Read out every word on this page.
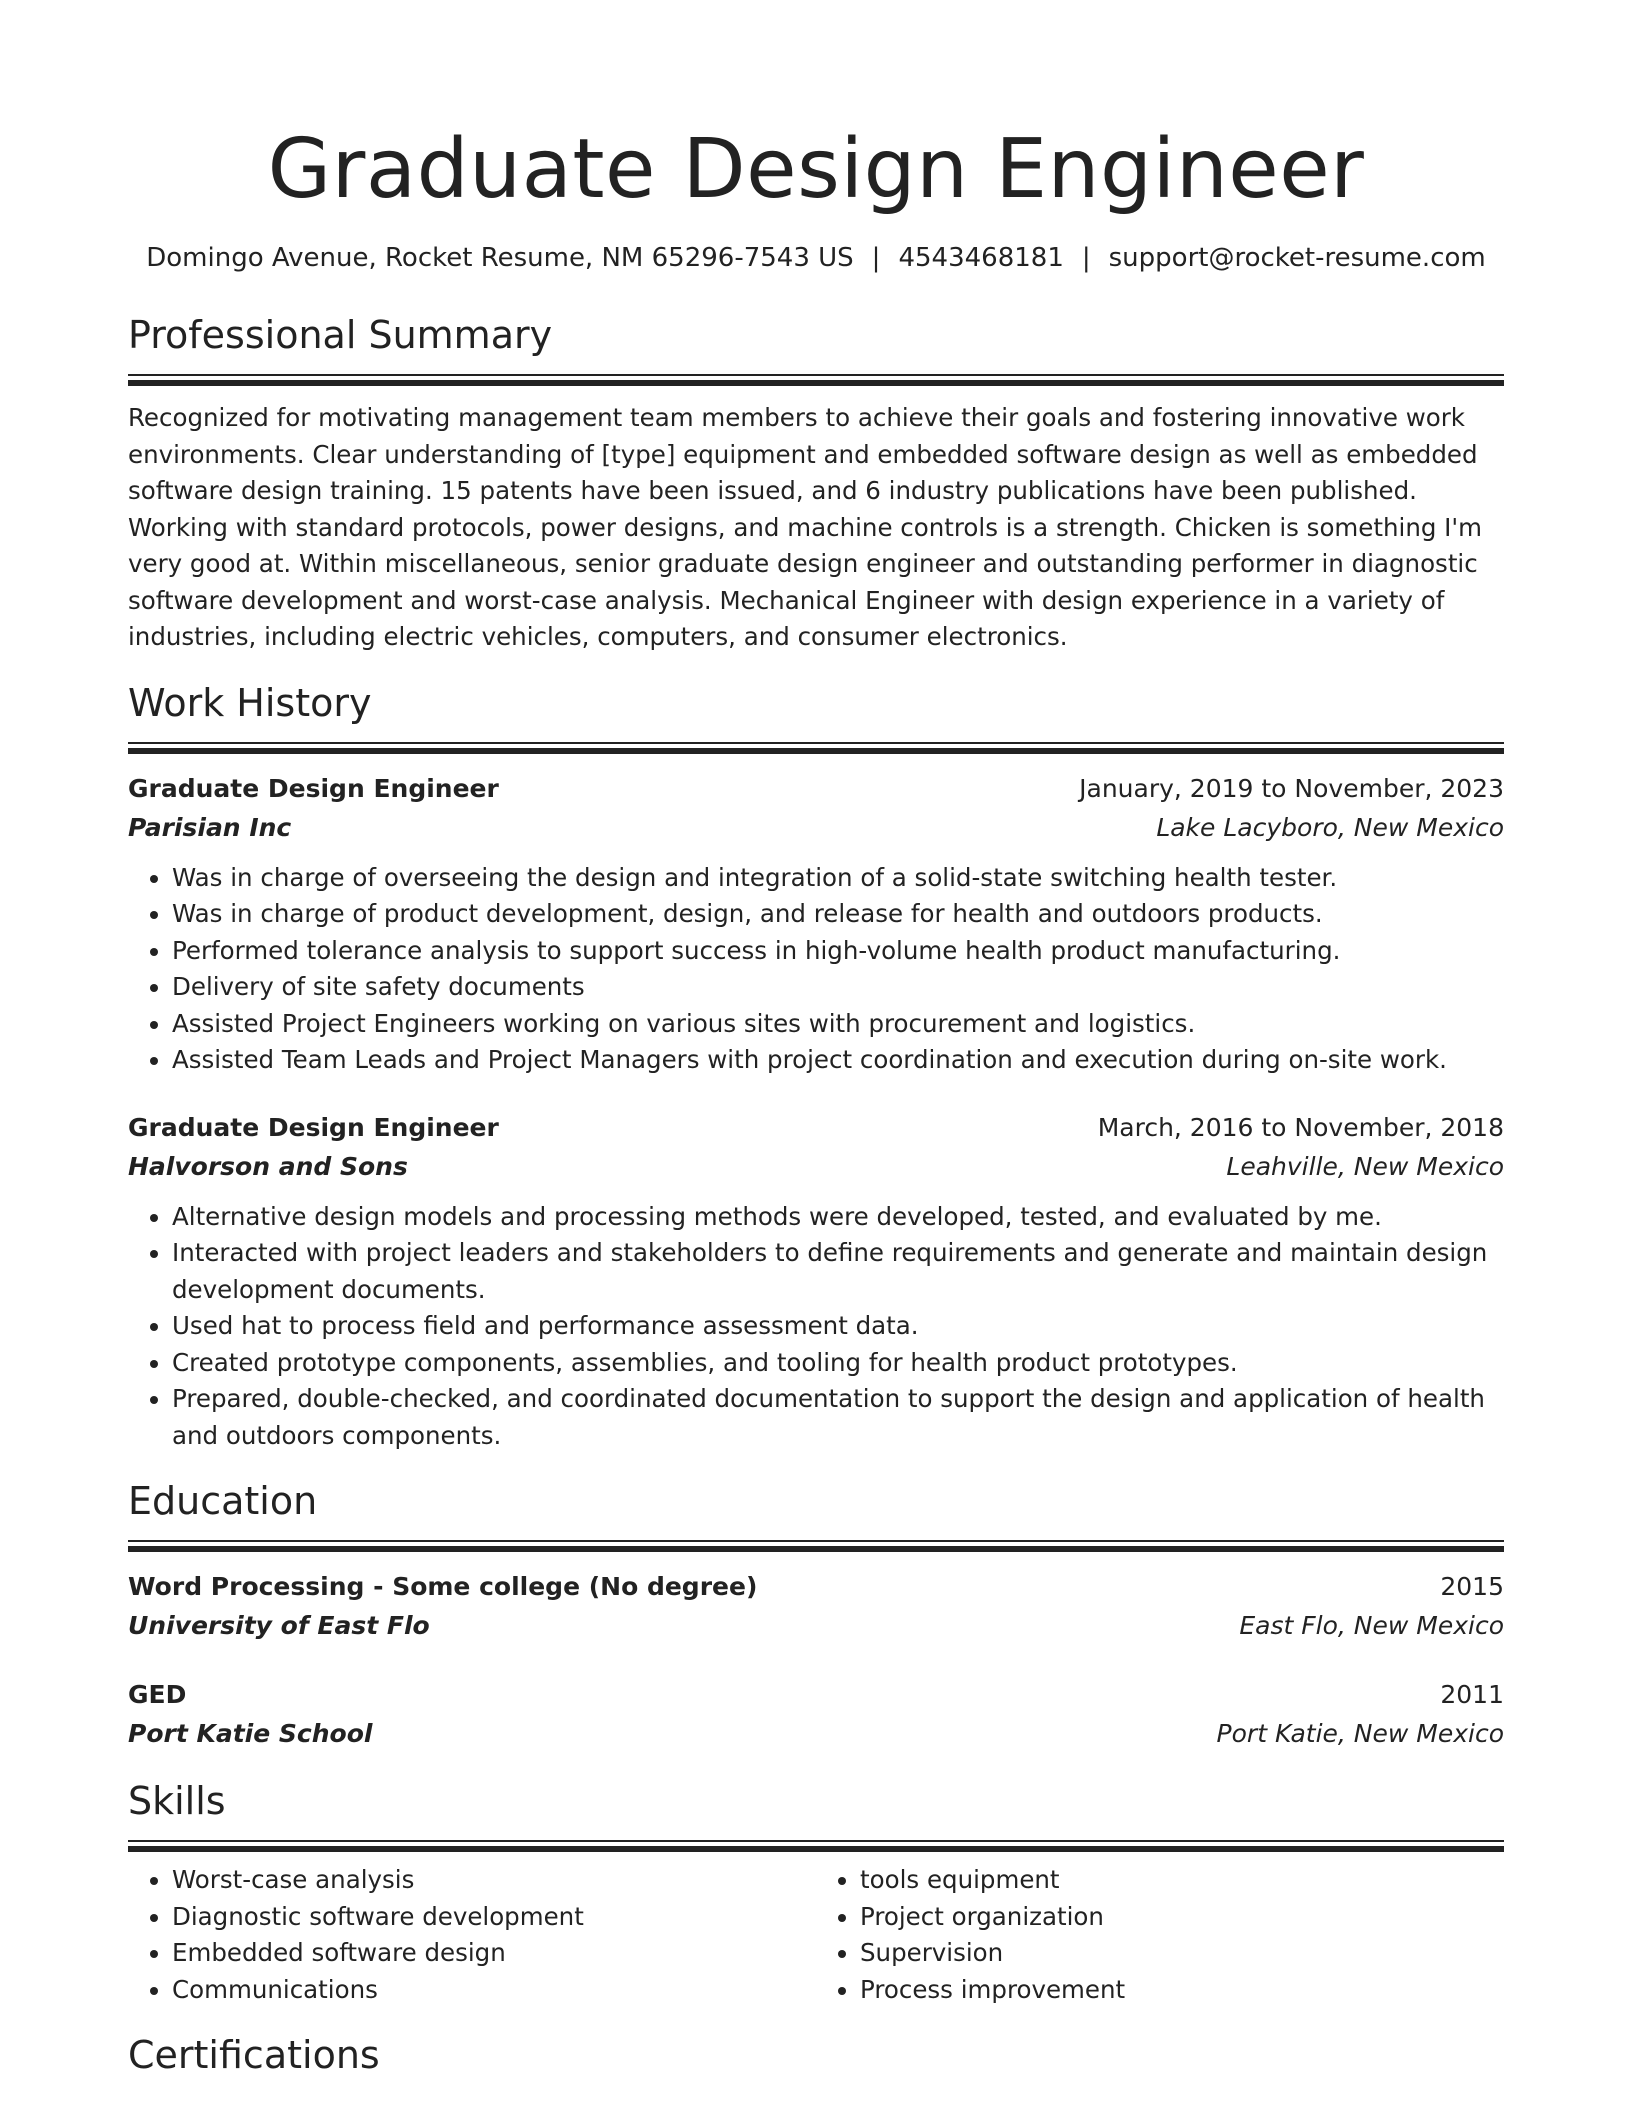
Graduate Design Engineer
Domingo Avenue, Rocket Resume, NM 65296-7543 US | 4543468181 | support@rocket-resume.com
Professional Summary

Recognized for motivating management team members to achieve their goals and fostering innovative work environments. Clear understanding of [type] equipment and embedded software design as well as embedded software design training. 15 patents have been issued, and 6 industry publications have been published. Working with standard protocols, power designs, and machine controls is a strength. Chicken is something I'm very good at. Within miscellaneous, senior graduate design engineer and outstanding performer in diagnostic software development and worst-case analysis. Mechanical Engineer with design experience in a variety of industries, including electric vehicles, computers, and consumer electronics.

Work History
Graduate Design Engineer	January, 2019 to November, 2023
Parisian Inc	Lake Lacyboro, New Mexico
• Was in charge of overseeing the design and integration of a solid-state switching health tester.
• Was in charge of product development, design, and release for health and outdoors products.
• Performed tolerance analysis to support success in high-volume health product manufacturing.
• Delivery of site safety documents
• Assisted Project Engineers working on various sites with procurement and logistics.
• Assisted Team Leads and Project Managers with project coordination and execution during on-site work.
Graduate Design Engineer	March, 2016 to November, 2018
Halvorson and Sons	Leahville, New Mexico
• Alternative design models and processing methods were developed, tested, and evaluated by me.
• Interacted with project leaders and stakeholders to define requirements and generate and maintain design development documents.
• Used hat to process field and performance assessment data.
• Created prototype components, assemblies, and tooling for health product prototypes.
• Prepared, double-checked, and coordinated documentation to support the design and application of health and outdoors components.
Education
Word Processing - Some college (No degree)	2015
University of East Flo	East Flo, New Mexico
GED	2011
Port Katie School	Port Katie, New Mexico
Skills
• Worst-case analysis
• Diagnostic software development
• Embedded software design
• Communications
• tools equipment
• Project organization
• Supervision
• Process improvement
Certifications
